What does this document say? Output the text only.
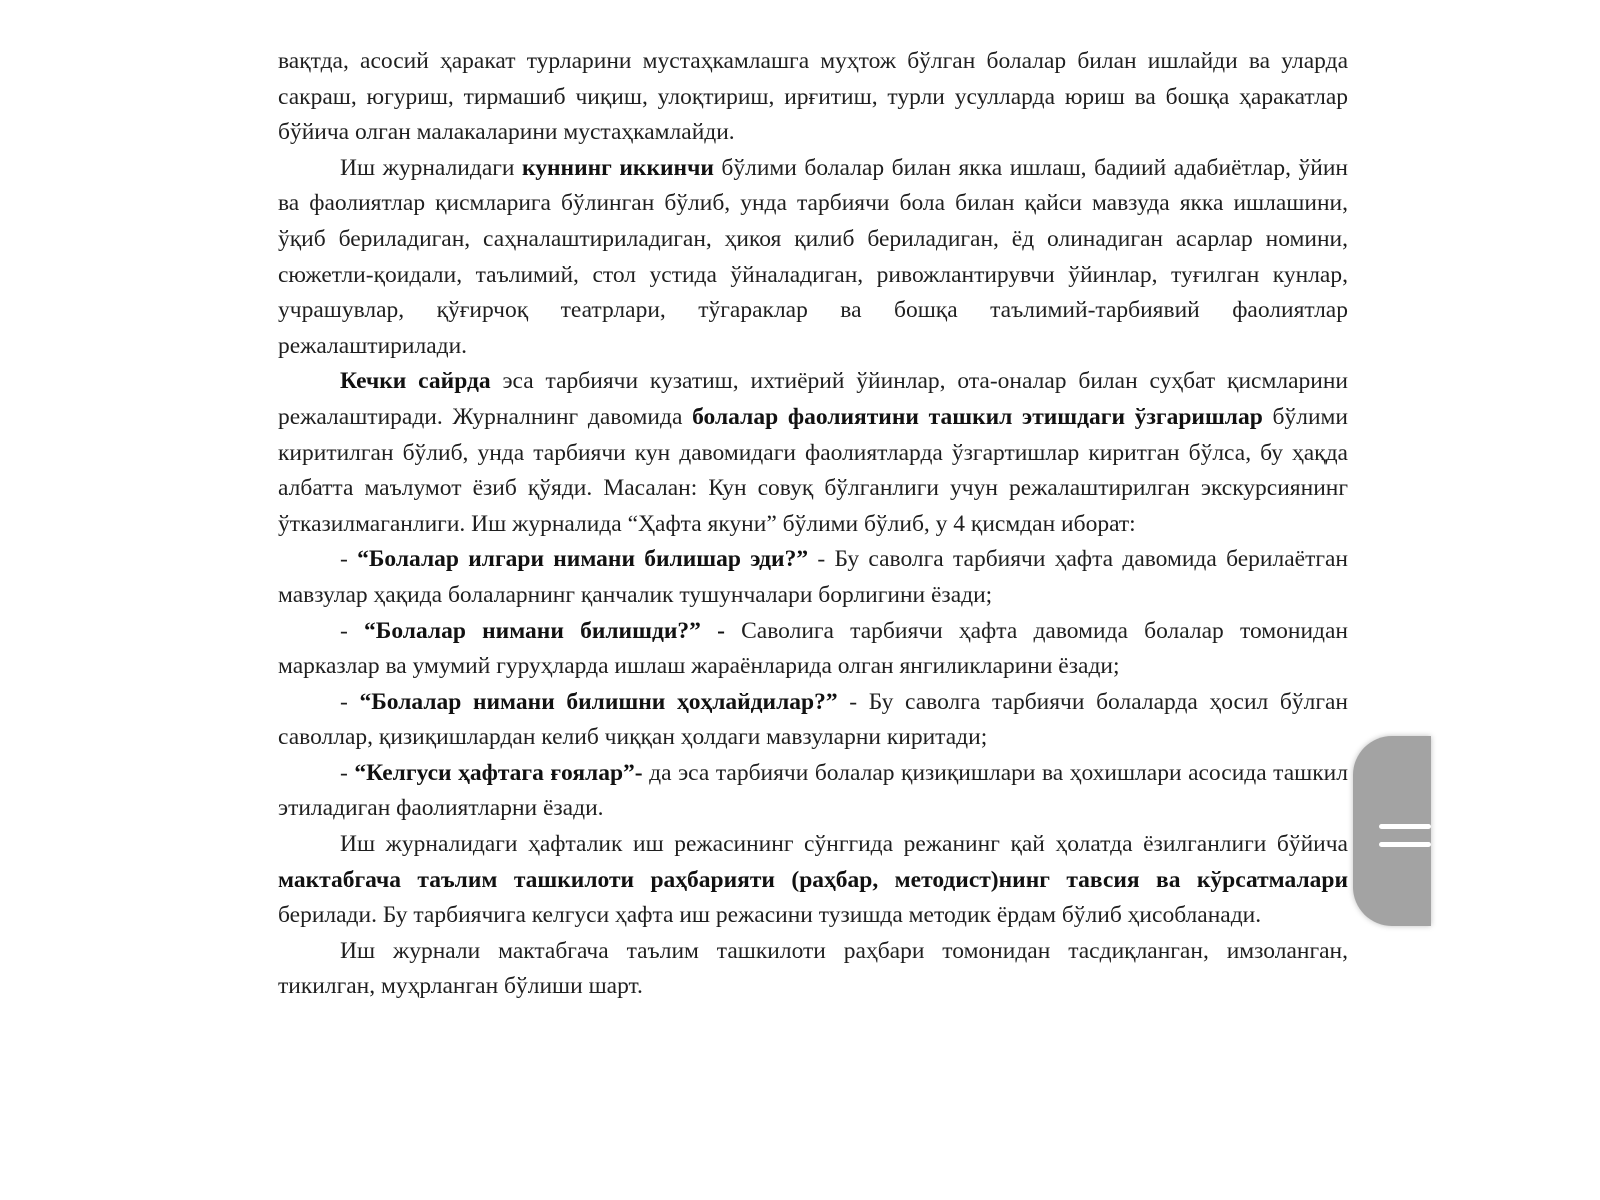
вақтда, асосий ҳаракат турларини мустаҳкамлашга муҳтож бўлган болалар билан ишлайди ва уларда сакраш, югуриш, тирмашиб чиқиш, улоқтириш, ирғитиш, турли усулларда юриш ва бошқа ҳаракатлар бўйича олган малакаларини мустаҳкамлайди.

Иш журналидаги куннинг иккинчи бўлими болалар билан якка ишлаш, бадиий адабиётлар, ўйин ва фаолиятлар қисмларига бўлинган бўлиб, унда тарбиячи бола билан қайси мавзуда якка ишлашини, ўқиб бериладиган, саҳналаштириладиган, ҳикоя қилиб бериладиган, ёд олинадиган асарлар номини, сюжетли-қоидали, таълимий, стол устида ўйналадиган, ривожлантирувчи ўйинлар, туғилган кунлар, учрашувлар, қўғирчоқ театрлари, тўгараклар ва бошқа таълимий-тарбиявий фаолиятлар режалаштирилади.

Кечки сайрда эса тарбиячи кузатиш, ихтиёрий ўйинлар, ота-оналар билан суҳбат қисмларини режалаштиради. Журналнинг давомида болалар фаолиятини ташкил этишдаги ўзгаришлар бўлими киритилган бўлиб, унда тарбиячи кун давомидаги фаолиятларда ўзгартишлар киритган бўлса, бу ҳақда албатта маълумот ёзиб қўяди. Масалан: Кун совуқ бўлганлиги учун режалаштирилган экскурсиянинг ўтказилмаганлиги. Иш журналида “Ҳафта якуни” бўлими бўлиб, у 4 қисмдан иборат:

- “Болалар илгари нимани билишар эди?” - Бу саволга тарбиячи ҳафта давомида берилаётган мавзулар ҳақида болаларнинг қанчалик тушунчалари борлигини ёзади;

- “Болалар нимани билишди?” - Саволига тарбиячи ҳафта давомида болалар томонидан марказлар ва умумий гуруҳларда ишлаш жараёнларида олган янгиликларини ёзади;

- “Болалар нимани билишни ҳоҳлайдилар?” - Бу саволга тарбиячи болаларда ҳосил бўлган саволлар, қизиқишлардан келиб чиққан ҳолдаги мавзуларни киритади;

- “Келгуси ҳафтага ғоялар”- да эса тарбиячи болалар қизиқишлари ва ҳохишлари асосида ташкил этиладиган фаолиятларни ёзади.

Иш журналидаги ҳафталик иш режасининг сўнггида режанинг қай ҳолатда ёзилганлиги бўйича мактабгача таълим ташкилоти раҳбарияти (раҳбар, методист)нинг тавсия ва кўрсатмалари берилади. Бу тарбиячига келгуси ҳафта иш режасини тузишда методик ёрдам бўлиб ҳисобланади.

Иш журнали мактабгача таълим ташкилоти раҳбари томонидан тасдиқланган, имзоланган, тикилган, муҳрланган бўлиши шарт.
